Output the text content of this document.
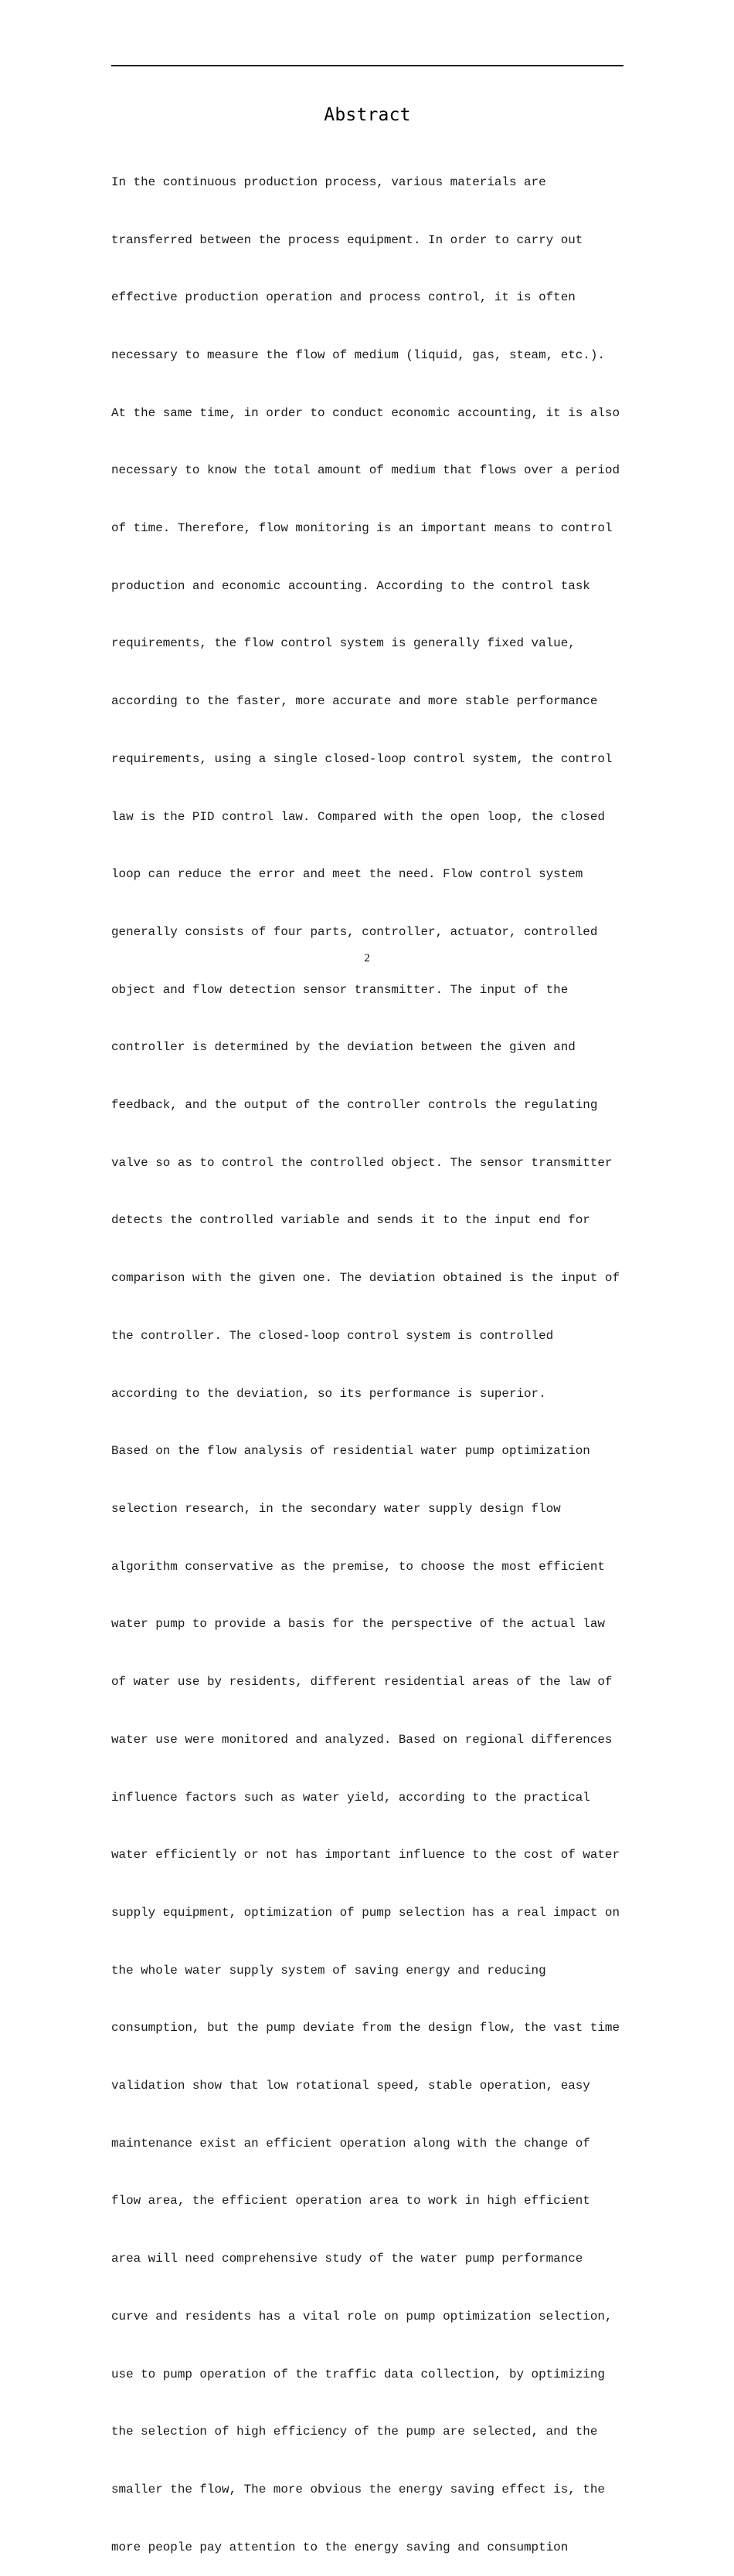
Abstract

In the continuous production process, various materials are

transferred between the process equipment. In order to carry out

effective production operation and process control, it is often

necessary to measure the flow of medium (liquid, gas, steam, etc.).

At the same time, in order to conduct economic accounting, it is also

necessary to know the total amount of medium that flows over a period

of time. Therefore, flow monitoring is an important means to control

production and economic accounting. According to the control task

requirements, the flow control system is generally fixed value,

according to the faster, more accurate and more stable performance

requirements, using a single closed-loop control system, the control

law is the PID control law. Compared with the open loop, the closed

loop can reduce the error and meet the need. Flow control system

generally consists of four parts, controller, actuator, controlled

object and flow detection sensor transmitter. The input of the

controller is determined by the deviation between the given and

feedback, and the output of the controller controls the regulating

valve so as to control the controlled object. The sensor transmitter

detects the controlled variable and sends it to the input end for

comparison with the given one. The deviation obtained is the input of

the controller. The closed-loop control system is controlled

according to the deviation, so its performance is superior.

Based on the flow analysis of residential water pump optimization

selection research, in the secondary water supply design flow

algorithm conservative as the premise, to choose the most efficient

water pump to provide a basis for the perspective of the actual law

of water use by residents, different residential areas of the law of

water use were monitored and analyzed. Based on regional differences

influence factors such as water yield, according to the practical

water efficiently or not has important influence to the cost of water

supply equipment, optimization of pump selection has a real impact on

the whole water supply system of saving energy and reducing

consumption, but the pump deviate from the design flow, the vast time

validation show that low rotational speed, stable operation, easy

maintenance exist an efficient operation along with the change of

flow area, the efficient operation area to work in high efficient

area will need comprehensive study of the water pump performance

curve and residents has a vital role on pump optimization selection,

use to pump operation of the traffic data collection, by optimizing

the selection of high efficiency of the pump are selected, and the

smaller the flow, The more obvious the energy saving effect is, the

more people pay attention to the energy saving and consumption

2
